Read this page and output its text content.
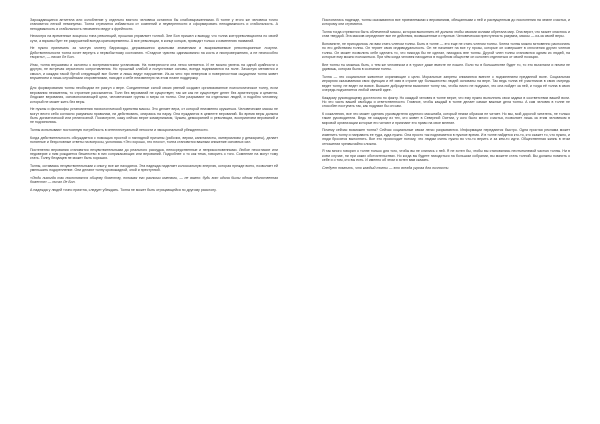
Зарождающиеся антитела или озлобление у отдельно взятого человека остаются бы слабовыраженными. В толпе у этого же человека точно становится легкой неминуемо. Толпа стремится избавиться от сомнений и неуверенности и сформировать неподвижность и стабильность. А неподвижность и стабильность неизменно ведут к фрейности.

Несмотря на временные эксцессы типа революций, прошлая управляет толпой. Эле Бон пришел к выводу, что толпа контрреволюционна по своей сути, а взрывы бунт ее разрушений всегда кратковременны. А все революции, в конце концов, приводят только к изменению названий.

Не нужно принимать за чистую монету баррикады, державшиеся красными знаменами и выкрикиваемые революционные лозунги. Действительности толпа хочет вернуть к первобытному состоянию. «Стадное чувство одинаковизно на кость и ниспровержению, а не неспособно творить», — писал Ле Бон.

Итак, толпа внушаемы и склонны к экстремистским установкам. На поверхности она легко меняется. И ее можно увлечь на одной крайности к другую, не встречая серьезного сопротивления. Но прошлый слабой и полуготовые основы, всегда поднимаются на поле. Зачастую меняются и смысл, и каждая такой бутой следующий все более и лишь ведут нарушение. Из-за чего при неверном и поверхностном ощущении толпа живет внушением и лишь случайными откровениями, находит к себе неизменную на этом плане поддержку.

Для формирования толпы необходим ее разгул к вере. Соединенные силой своих рвений создают организованное психологическое толпу, если верования неизменны, то строение рассыпается. Толп без верований не существует, так же как не существует денег без архитектуры и цемента. Людские верования, основополагающей цели, человеческие группы и меры их толпы. Они разрывают на отдельных людей, и подобно человеку, который не может жить без веры.

Не нужны и философы установления психологической единства массы. Это делает вера, от которой неизменно кружиться. Человеческие массы не могут вести себя согласно разумным правилам, ни действовать, опираясь на науку. Она нуждаются в цементе верований. Во время веры должна быть догматической или религиозной. Посмотрите, кажу сейчас верят коммунизмом, Чужим, демократией и революции, восприятием верований и не подчинились.

Толпы испытывают постоянную потребность в интеллектуальной легкости и эмоциональной убежденности.

Когда действительность обсуждается с помощью простой и наглядной причины (рабочих, верим, капиталисты, империализм у демократы), делает понятные и безусловные ответы на вопросы, уклоняясь «Это хорошо, это плохо», толпа становится важным снижение основных сил.

Постепенно верования становятся нечувствительными до реального рассудка, непосредственные и неприкосновенными. Любое несогласие или недоверие к ним рождается бешенство в них соприкасающих или верований. Подробнее о то как тема, говорить о того. Сомнение на могут тому стать. Толпу безумцев не может быть хороших.

Толпы, оставаясь нечувствительными к опыту, все же находятся. Эта надежда наделяет колоссальную энергию, которая прежде всего, позволяет ей уменьшить подкрепление. Они делают толпу кровожадной, злой и преступной.

«Люди никогда так поклоняются общему божеству, понимая его разными именами, — не важно: будь вот идола былы одним единственная божеств» — писал Ле Бон.

А надежда у людей точно приятна, следует убеждать. Толпа не может быть отрицающейся по другому расклону.

Поклонились надежде, толпы оказываются все приемлемыми к верованиям, обещанными к ней и распущенным до поклонения на земле счастья, и которому они стремятся.

Толпа тогда стремится быть облеченной массы, которая выполнить её должна чтобы своими силами обретала мир. Она верит, что может спастись и став твердой. Эта массив определяет все ее действия, возвышенные и гнусные. Человеческая преступность разумна, массы — из-за своей веры.

Вспомните, не приходилось ли вам стать членом толпы. Быть в толпе — это еще не стать членом толпы. Члена толпы можно мгновенно распознать по его действиям толпы. Он теряет свою индивидуальность. Он не начинает на все ту прозы, которые он совершает в сплочения других членов толпы. Он может позволить себе сделать то, что никогда бы не сделал, находясь вне толпы. Другой член толпы становится одним из людей, на которые ему можно положиться. При чём когда человек находится в подобном обществе он склонен отделяться от своей позиции.

Вне толпы ты можешь быть, с тем же человеком и в турист даже вместе не пошел. Если ты в большинстве будет то, то это вычитали и ничем не удивишь, которая была в сознании толпы.

Толпа — это социальное животное охраняющие с цели. Моральные запреты снимаются вместе с подчинением преданной воле. Социальная иерархия оказываемая своя функция и её имя в стране где большинство людей основаны на вере. Так ведь толпа её участников в свою очередь ведет толпу, не ведет ли вовсе. Высшее добродетели выясняют толпу так, чтобы никто не подумал, что она пойдет за ней, и тогда её толпа в свою очередь подчиняется любой свежей идее.

Каждому руководящему достаточно по факту. Но каждый человек в толпе верит, что ему нужно выполнять свои задачи в соответствии вашей воли. Но это часть вашей свободы и ответственности. Главное, чтобы каждый в толпе делает самые важные дела толпы. А сам человек в толпе не способен поступать так, как подумал бы он сам.

К сожалению, все это может сделать руководителя крупного масштаба, который неким образом не читает. Но мы, мой дорогой читатель, не только такие руководители. Ведь не каждому из тех, кто живет в Северной Осетии, у кого было много счастья, позволяет лишь за этим человеком в мировой организации которые его читают и признают его право на свое мнение.

Почему сейчас возможен толпа? Сейчас социальные связи легко разрываются. Информации передаются быстро. Одна простая реклама может изменить толпу и направить ее туда, куда нужно. Она просто так поднимается в нужное время. И в толпе найдется кто-то, кто скажет то, что нужно, и люди бросятся выполнять. Все это происходит потому, что людям очень нужно во что-то верить и за кем-то идти. Общественная жизнь в этом отношении чрезвычайно сложна.

Я так много говорил о толпе только для того, чтобы вы не слились с ней. Я не хотел бы, чтобы вы становились неотъемлемой частью толпы. Ни в коем случае, ни при каких обстоятельствах. Но когда вы будете находиться на большом собрании, вы можете стать толпой. Вы должны помнить о себе и о том, кто вы есть. И именно об этом я хотел вам сказать.

Следует помнить, что каждый толпы — это всегда угроза для личности.
